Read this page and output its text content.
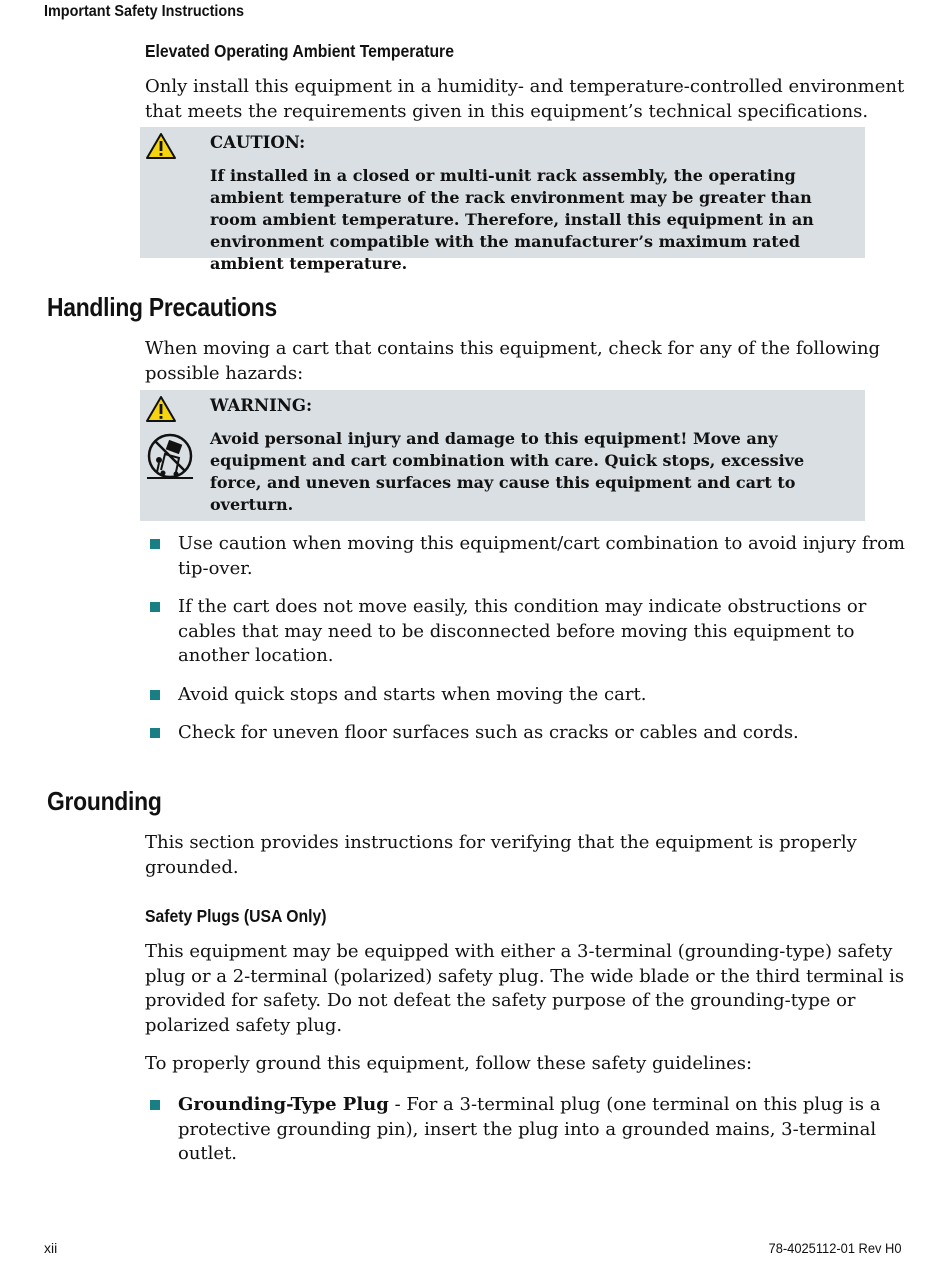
Important Safety Instructions
Elevated Operating Ambient Temperature
Only install this equipment in a humidity- and temperature-controlled environment that meets the requirements given in this equipment’s technical specifications.
CAUTION:
If installed in a closed or multi-unit rack assembly, the operating ambient temperature of the rack environment may be greater than room ambient temperature. Therefore, install this equipment in an environment compatible with the manufacturer’s maximum rated ambient temperature.
Handling Precautions
When moving a cart that contains this equipment, check for any of the following possible hazards:
WARNING:
Avoid personal injury and damage to this equipment! Move any equipment and cart combination with care. Quick stops, excessive force, and uneven surfaces may cause this equipment and cart to overturn.
Use caution when moving this equipment/cart combination to avoid injury from tip-over.
If the cart does not move easily, this condition may indicate obstructions or cables that may need to be disconnected before moving this equipment to another location.
Avoid quick stops and starts when moving the cart.
Check for uneven floor surfaces such as cracks or cables and cords.
Grounding
This section provides instructions for verifying that the equipment is properly grounded.
Safety Plugs (USA Only)
This equipment may be equipped with either a 3-terminal (grounding-type) safety plug or a 2-terminal (polarized) safety plug. The wide blade or the third terminal is provided for safety. Do not defeat the safety purpose of the grounding-type or polarized safety plug.
To properly ground this equipment, follow these safety guidelines:
Grounding-Type Plug - For a 3-terminal plug (one terminal on this plug is a protective grounding pin), insert the plug into a grounded mains, 3-terminal outlet.
xii	78-4025112-01 Rev H0
